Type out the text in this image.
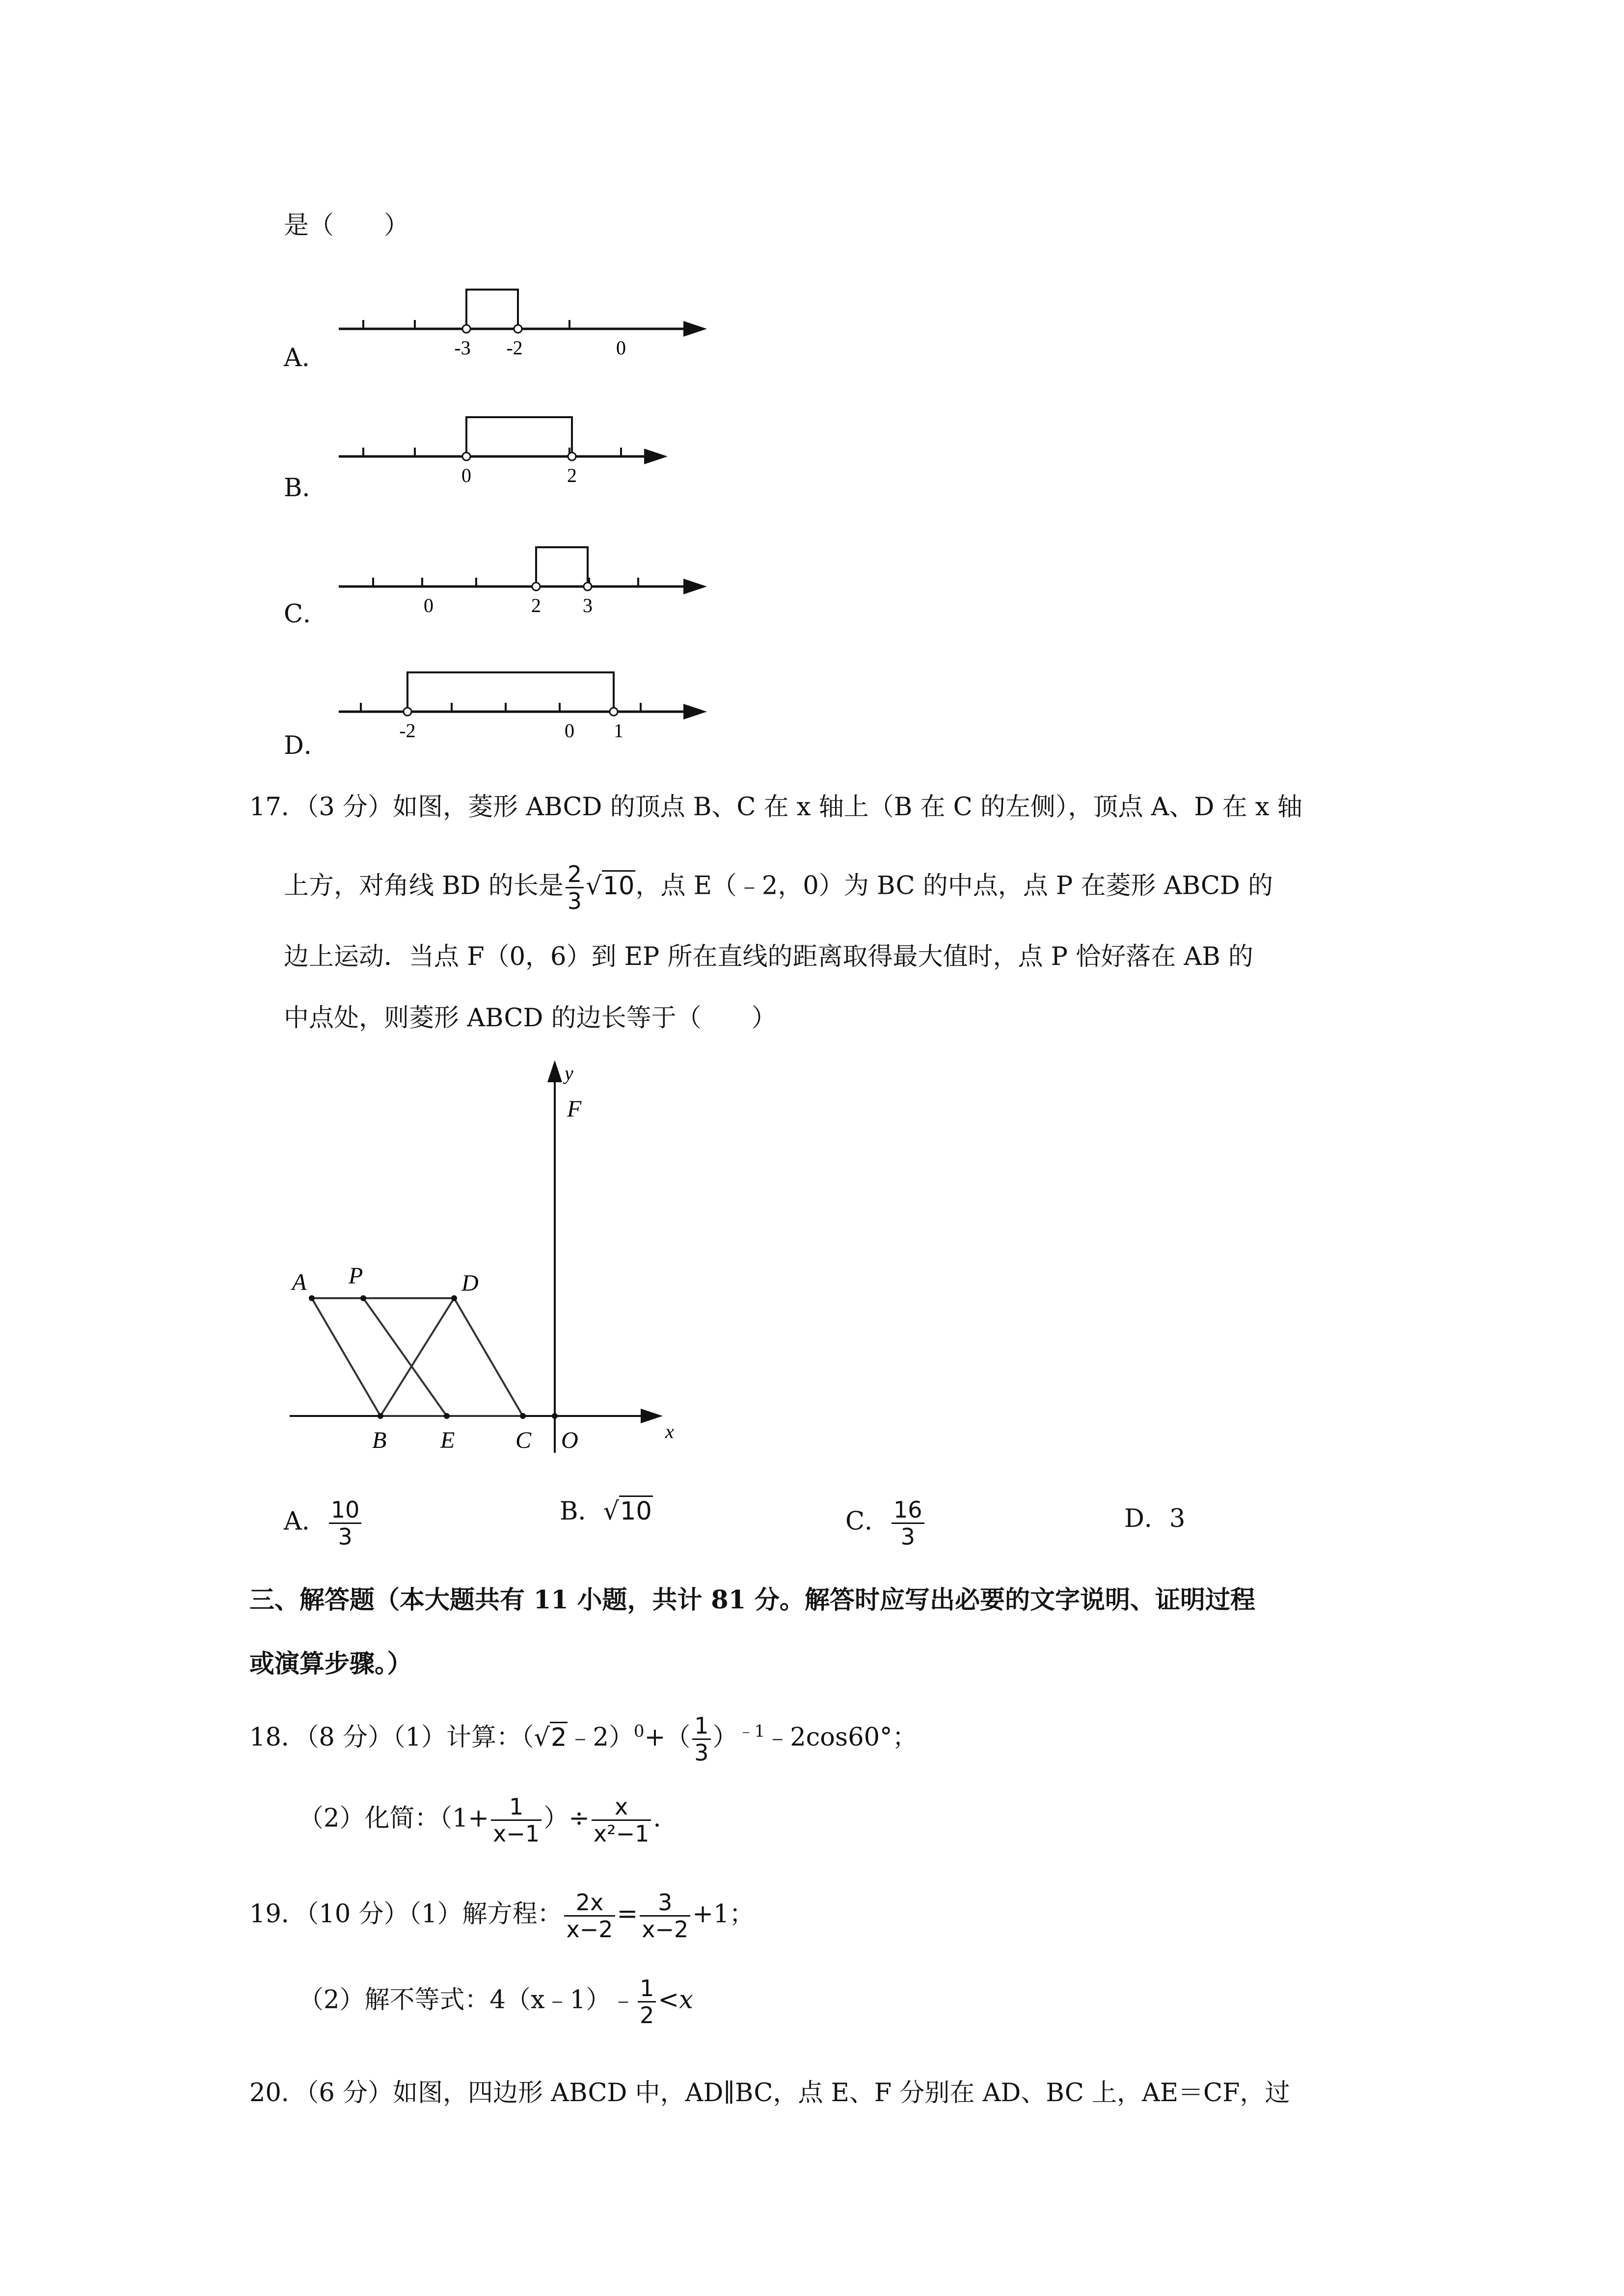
是（　　）
A．	-3 -2	0
B．	0	2
C．	0	2 3
D．
-2	0 1
17．（3 分）如图，菱形 ABCD 的顶点 B、C 在 x 轴上（B 在 C 的左侧），顶点 A、D 在 x 轴
上方，对角线 BD 的长是 $\frac{2}{3} √10$，点 E（﹣2，0）为 BC 的中点，点 P 在菱形 ABCD 的
边上运动．当点 F（0，6）到 EP 所在直线的距离取得最大值时，点 P 恰好落在 AB 的
中点处，则菱形 ABCD 的边长等于（　　）
A P	D
B E	C O
F
x
y
A． $\frac{10}{3}$	B．√10	C． $\frac{16}{3}$	D．3
三、解答题（本大题共有 11 小题，共计 81 分。解答时应写出必要的文字说明、证明过程
或演算步骤。）
18．（8 分）（1）计算：（√2﹣2）$^0$+（ $\frac{1}{3}$ ）$^{﹣1}$﹣2cos60°；
（2）化简：（$1+ \frac{1}{x-1}$ ）÷ $\frac{x}{\text{x²−1}}$ .
19．（10 分）（1）解方程： $\frac{2x}{x-2} = \frac{3}{x-2} +1$；
（2）解不等式：4（x﹣1）﹣ $\frac{1}{2} <x$
20．（6 分）如图，四边形 ABCD 中，AD∥BC，点 E、F 分别在 AD、BC 上，AE＝CF，过
